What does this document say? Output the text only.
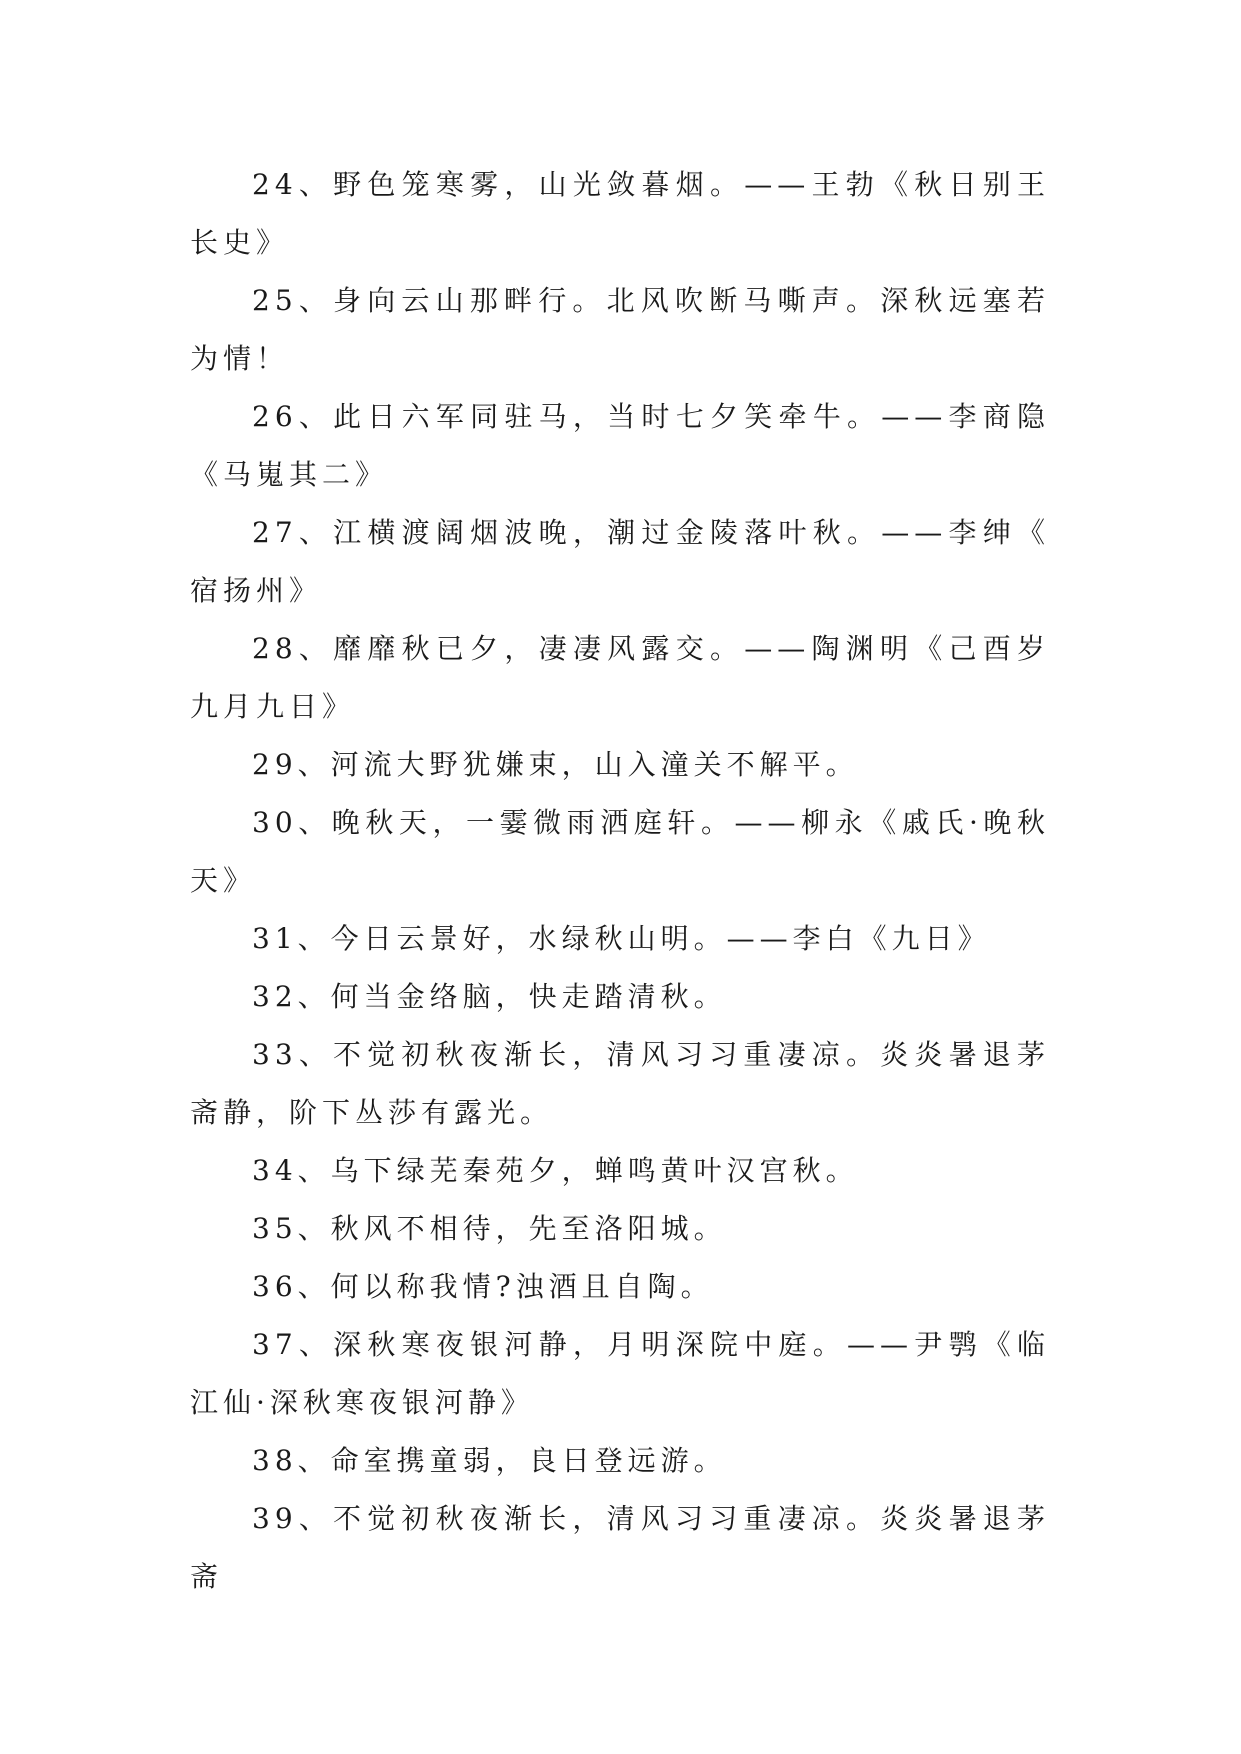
24、野色笼寒雾，山光敛暮烟。——王勃《秋日别王长史》

25、身向云山那畔行。北风吹断马嘶声。深秋远塞若为情！

26、此日六军同驻马，当时七夕笑牵牛。——李商隐《马嵬其二》

27、江横渡阔烟波晚，潮过金陵落叶秋。——李绅《宿扬州》

28、靡靡秋已夕，凄凄风露交。——陶渊明《己酉岁九月九日》

29、河流大野犹嫌束，山入潼关不解平。

30、晚秋天，一霎微雨洒庭轩。——柳永《戚氏·晚秋天》

31、今日云景好，水绿秋山明。——李白《九日》

32、何当金络脑，快走踏清秋。

33、不觉初秋夜渐长，清风习习重凄凉。炎炎暑退茅斋静，阶下丛莎有露光。

34、乌下绿芜秦苑夕，蝉鸣黄叶汉宫秋。

35、秋风不相待，先至洛阳城。

36、何以称我情?浊酒且自陶。

37、深秋寒夜银河静，月明深院中庭。——尹鹗《临江仙·深秋寒夜银河静》

38、命室携童弱，良日登远游。

39、不觉初秋夜渐长，清风习习重凄凉。炎炎暑退茅斋
